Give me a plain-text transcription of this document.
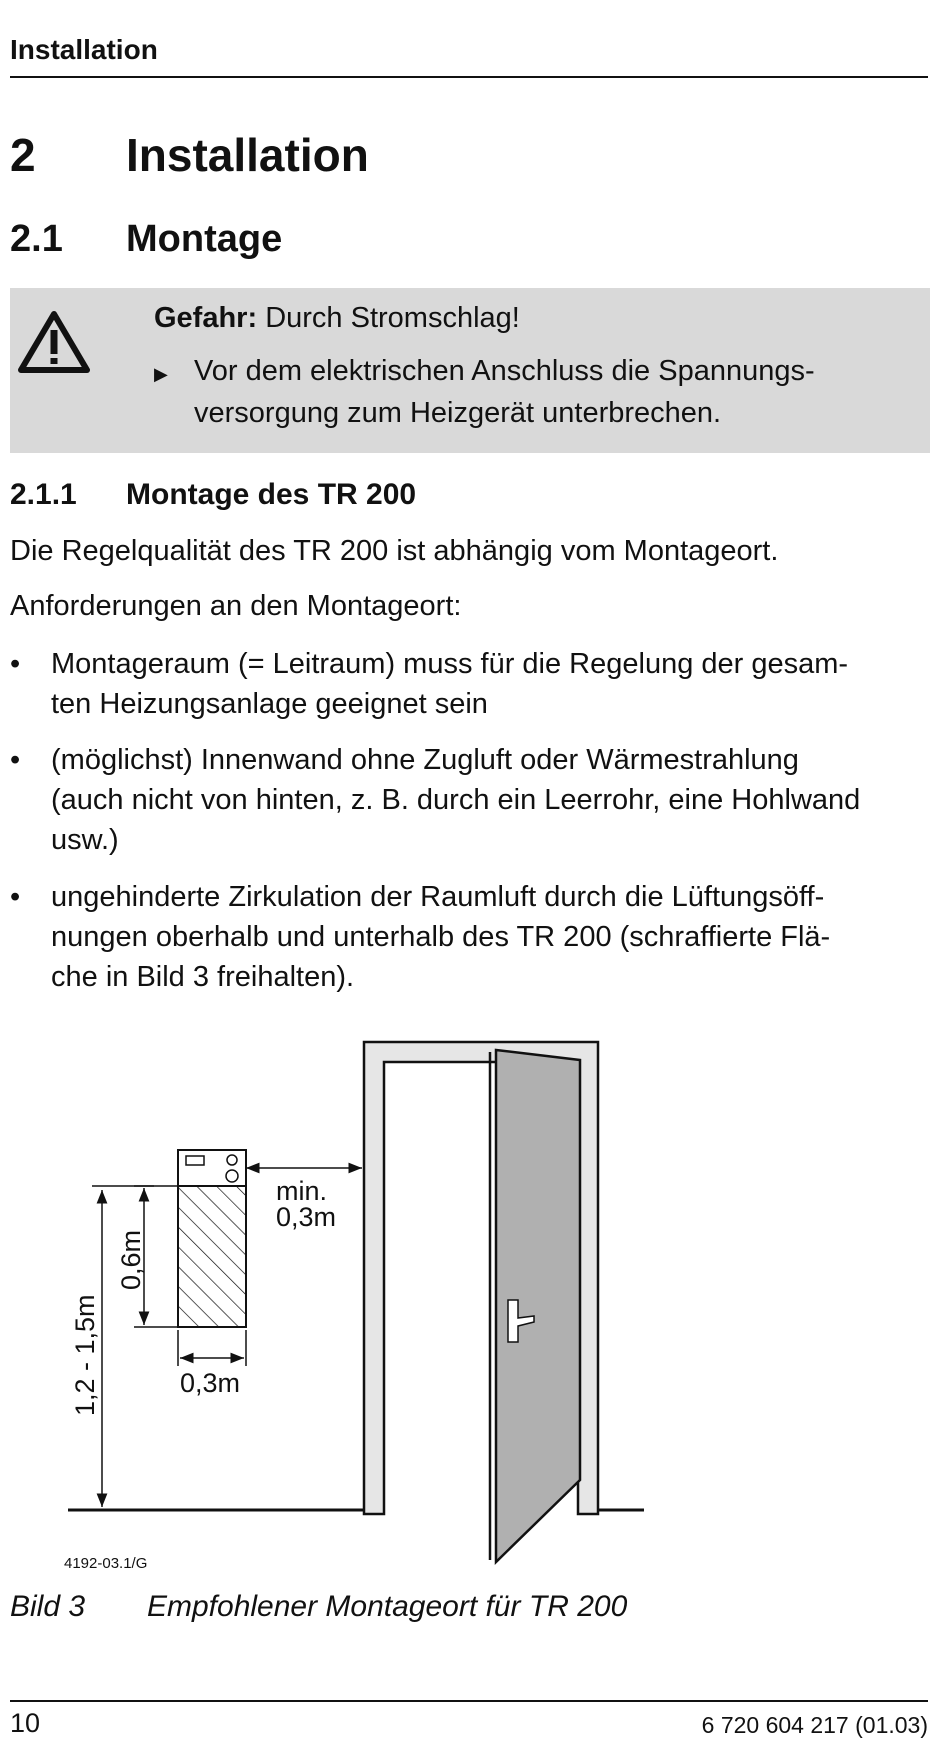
Installation
2 Installation
2.1 Montage
Gefahr: Durch Stromschlag!
▶ Vor dem elektrischen Anschluss die Spannungs-
versorgung zum Heizgerät unterbrechen.
2.1.1 Montage des TR 200
Die Regelqualität des TR 200 ist abhängig vom Montageort.
Anforderungen an den Montageort:
• Montageraum (= Leitraum) muss für die Regelung der gesam-
ten Heizungsanlage geeignet sein
• (möglichst) Innenwand ohne Zugluft oder Wärmestrahlung
(auch nicht von hinten, z. B. durch ein Leerrohr, eine Hohlwand
usw.)
• ungehinderte Zirkulation der Raumluft durch die Lüftungsöff-
nungen oberhalb und unterhalb des TR 200 (schraffierte Flä-
che in Bild 3 freihalten).
min.
0,3m
0,6m
0,3m
1,2 - 1,5m
4192-03.1/G
Bild 3 Empfohlener Montageort für TR 200
10	6 720 604 217 (01.03)
